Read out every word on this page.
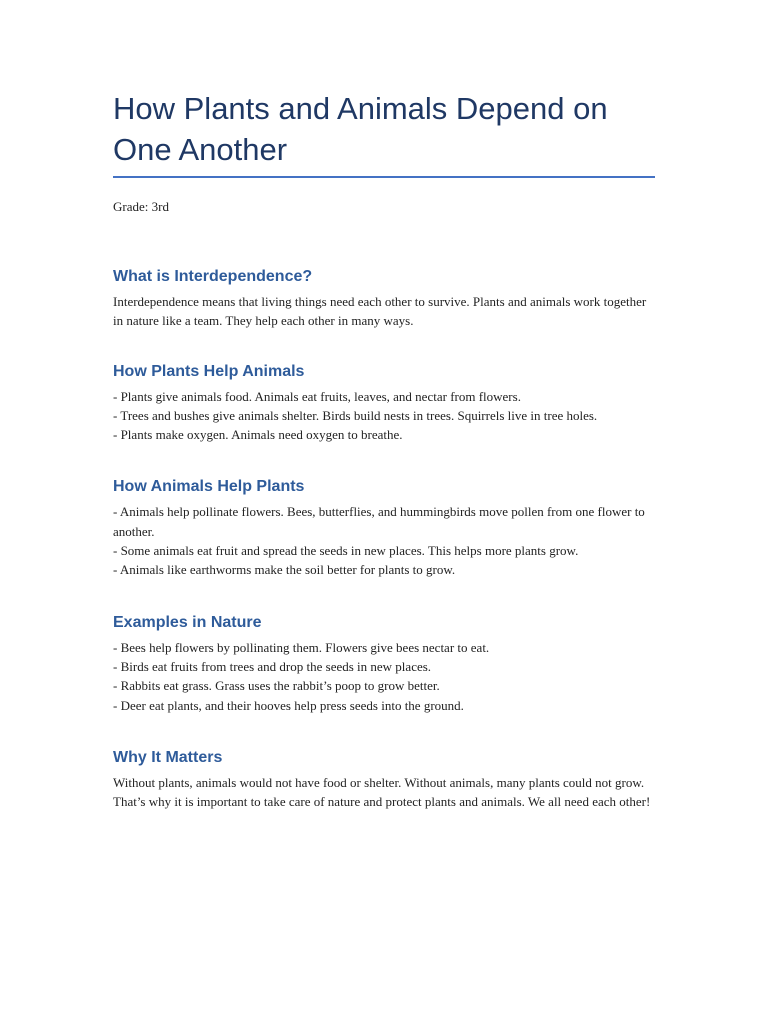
How Plants and Animals Depend on One Another
Grade: 3rd
What is Interdependence?

Interdependence means that living things need each other to survive. Plants and animals work together in nature like a team. They help each other in many ways.

How Plants Help Animals

- Plants give animals food. Animals eat fruits, leaves, and nectar from flowers.

- Trees and bushes give animals shelter. Birds build nests in trees. Squirrels live in tree holes.

- Plants make oxygen. Animals need oxygen to breathe.

How Animals Help Plants

- Animals help pollinate flowers. Bees, butterflies, and hummingbirds move pollen from one flower to another.

- Some animals eat fruit and spread the seeds in new places. This helps more plants grow.

- Animals like earthworms make the soil better for plants to grow.

Examples in Nature

- Bees help flowers by pollinating them. Flowers give bees nectar to eat.

- Birds eat fruits from trees and drop the seeds in new places.

- Rabbits eat grass. Grass uses the rabbit’s poop to grow better.

- Deer eat plants, and their hooves help press seeds into the ground.

Why It Matters

Without plants, animals would not have food or shelter. Without animals, many plants could not grow. That’s why it is important to take care of nature and protect plants and animals. We all need each other!
